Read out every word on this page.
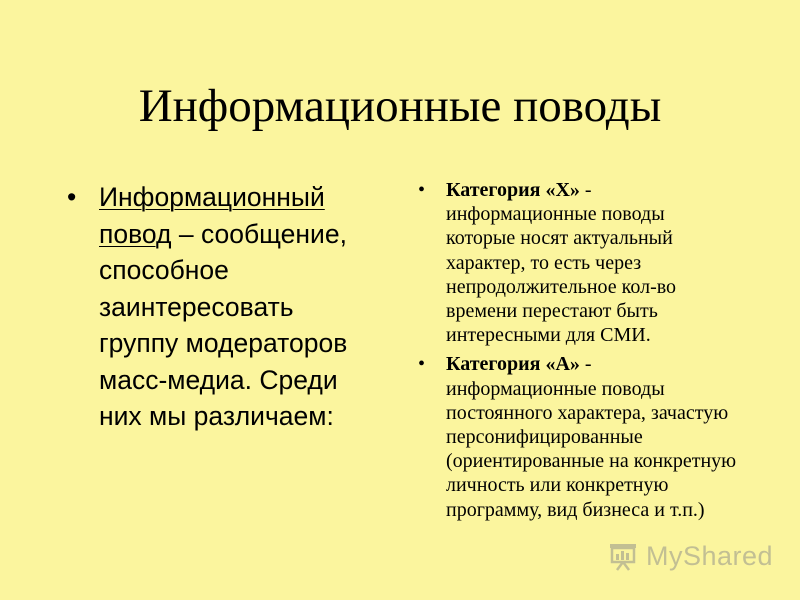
Информационные поводы
• Информационный повод – сообщение, способное заинтересовать группу модераторов масс-медиа. Среди них мы различаем:
• Категория «X» - информационные поводы которые носят актуальный характер, то есть через непродолжительное кол-во времени перестают быть интересными для СМИ.
• Категория «А» - информационные поводы постоянного характера, зачастую персонифицированные (ориентированные на конкретную личность или конкретную программу, вид бизнеса и т.п.)
MyShared
